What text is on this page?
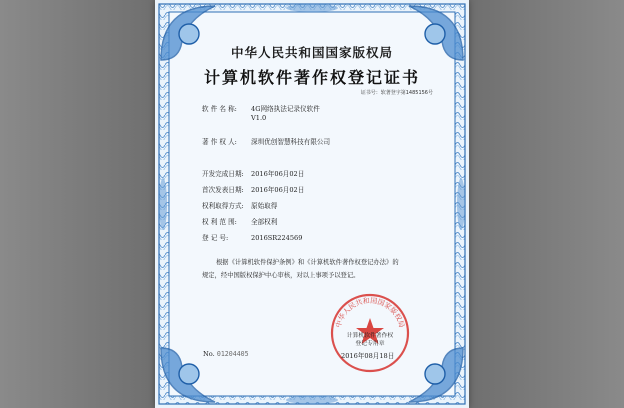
中华人民共和国国家版权局
计算机软件著作权登记证书
证书号：软著登字第1485156号
软 件 名 称: 4G网络执法记录仪软件
V1.0
著 作 权 人: 深圳优创智慧科技有限公司
开发完成日期: 2016年06月02日
首次发表日期: 2016年06月02日
权利取得方式: 原始取得
权 利 范 围: 全部权利
登 记 号:	2016SR224569
根据《计算机软件保护条例》和《计算机软件著作权登记办法》的
规定，经中国版权保护中心审核，对以上事项予以登记。
中华人民共和国国家版权局
计算机软件著作权
登记专用章
2016年08月18日
No. 01204405
